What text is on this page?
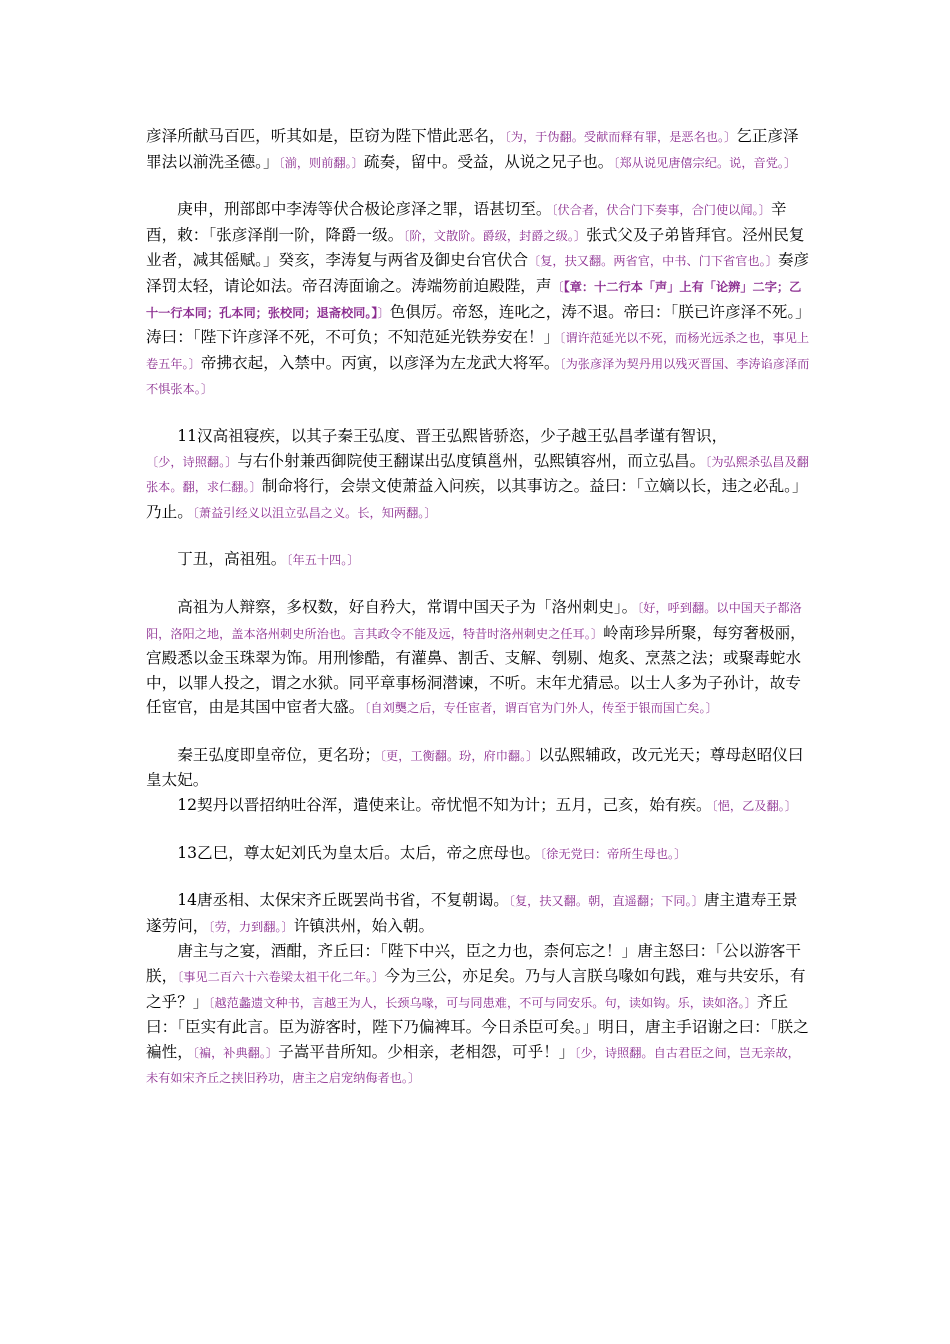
彦泽所献马百匹，听其如是，臣窃为陛下惜此恶名，〔为，于伪翻。受献而释有罪，是恶名也。〕乞正彦泽罪法以湔洗圣德。」〔湔，则前翻。〕疏奏，留中。受益，从说之兄子也。〔郑从说见唐僖宗纪。说，音党。〕

庚申，刑部郎中李涛等伏合极论彦泽之罪，语甚切至。〔伏合者，伏合门下奏事，合门使以闻。〕辛酉，敕：「张彦泽削一阶，降爵一级。〔阶，文散阶。爵级，封爵之级。〕张式父及子弟皆拜官。泾州民复业者，减其傜赋。」癸亥，李涛复与两省及御史台官伏合〔复，扶又翻。两省官，中书、门下省官也。〕奏彦泽罚太轻，请论如法。帝召涛面谕之。涛端笏前迫殿陛，声〔【章：十二行本「声」上有「论辨」二字；乙十一行本同；孔本同；张校同；退斋校同。】〕色俱厉。帝怒，连叱之，涛不退。帝曰：「朕已许彦泽不死。」涛曰：「陛下许彦泽不死，不可负；不知范延光铁券安在！」〔谓许范延光以不死，而杨光远杀之也，事见上卷五年。〕帝拂衣起，入禁中。丙寅，以彦泽为左龙武大将军。〔为张彦泽为契丹用以残灭晋国、李涛谄彦泽而不惧张本。〕

11汉高祖寝疾，以其子秦王弘度、晋王弘熙皆骄恣，少子越王弘昌孝谨有智识，〔少，诗照翻。〕与右仆射兼西御院使王翻谋出弘度镇邕州，弘熙镇容州，而立弘昌。〔为弘熙杀弘昌及翻张本。翻，求仁翻。〕制命将行，会崇文使萧益入问疾，以其事访之。益曰：「立嫡以长，违之必乱。」乃止。〔萧益引经义以沮立弘昌之义。长，知两翻。〕

丁丑，高祖殂。〔年五十四。〕

高祖为人辩察，多权数，好自矜大，常谓中国天子为「洛州刺史」。〔好，呼到翻。以中国天子都洛阳，洛阳之地，盖本洛州刺史所治也。言其政令不能及远，特昔时洛州刺史之任耳。〕岭南珍异所聚，每穷奢极丽，宫殿悉以金玉珠翠为饰。用刑惨酷，有灌鼻、割舌、支解、刳剔、炮炙、烹蒸之法；或聚毒蛇水中，以罪人投之，谓之水狱。同平章事杨洞潜谏，不听。末年尤猜忌。以士人多为子孙计，故专任宦官，由是其国中宦者大盛。〔自刘龑之后，专任宦者，谓百官为门外人，传至于银而国亡矣。〕

秦王弘度即皇帝位，更名玢；〔更，工衡翻。玢，府巾翻。〕以弘熙辅政，改元光天；尊母赵昭仪曰皇太妃。

12契丹以晋招纳吐谷浑，遣使来让。帝忧悒不知为计；五月，己亥，始有疾。〔悒，乙及翻。〕

13乙巳，尊太妃刘氏为皇太后。太后，帝之庶母也。〔徐无党曰：帝所生母也。〕

14唐丞相、太保宋齐丘既罢尚书省，不复朝谒。〔复，扶又翻。朝，直遥翻；下同。〕唐主遣寿王景遂劳问，〔劳，力到翻。〕许镇洪州，始入朝。

唐主与之宴，酒酣，齐丘曰：「陛下中兴，臣之力也，柰何忘之！」唐主怒曰：「公以游客干朕，〔事见二百六十六卷梁太祖干化二年。〕今为三公，亦足矣。乃与人言朕乌喙如句践，难与共安乐，有之乎？」〔越范蠡遗文种书，言越王为人，长颈乌喙，可与同患难，不可与同安乐。句，读如钩。乐，读如洛。〕齐丘曰：「臣实有此言。臣为游客时，陛下乃偏裨耳。今日杀臣可矣。」明日，唐主手诏谢之曰：「朕之褊性，〔褊，补典翻。〕子嵩平昔所知。少相亲，老相怨，可乎！」〔少，诗照翻。自古君臣之间，岂无亲故，未有如宋齐丘之挟旧矜功，唐主之启宠纳侮者也。〕
